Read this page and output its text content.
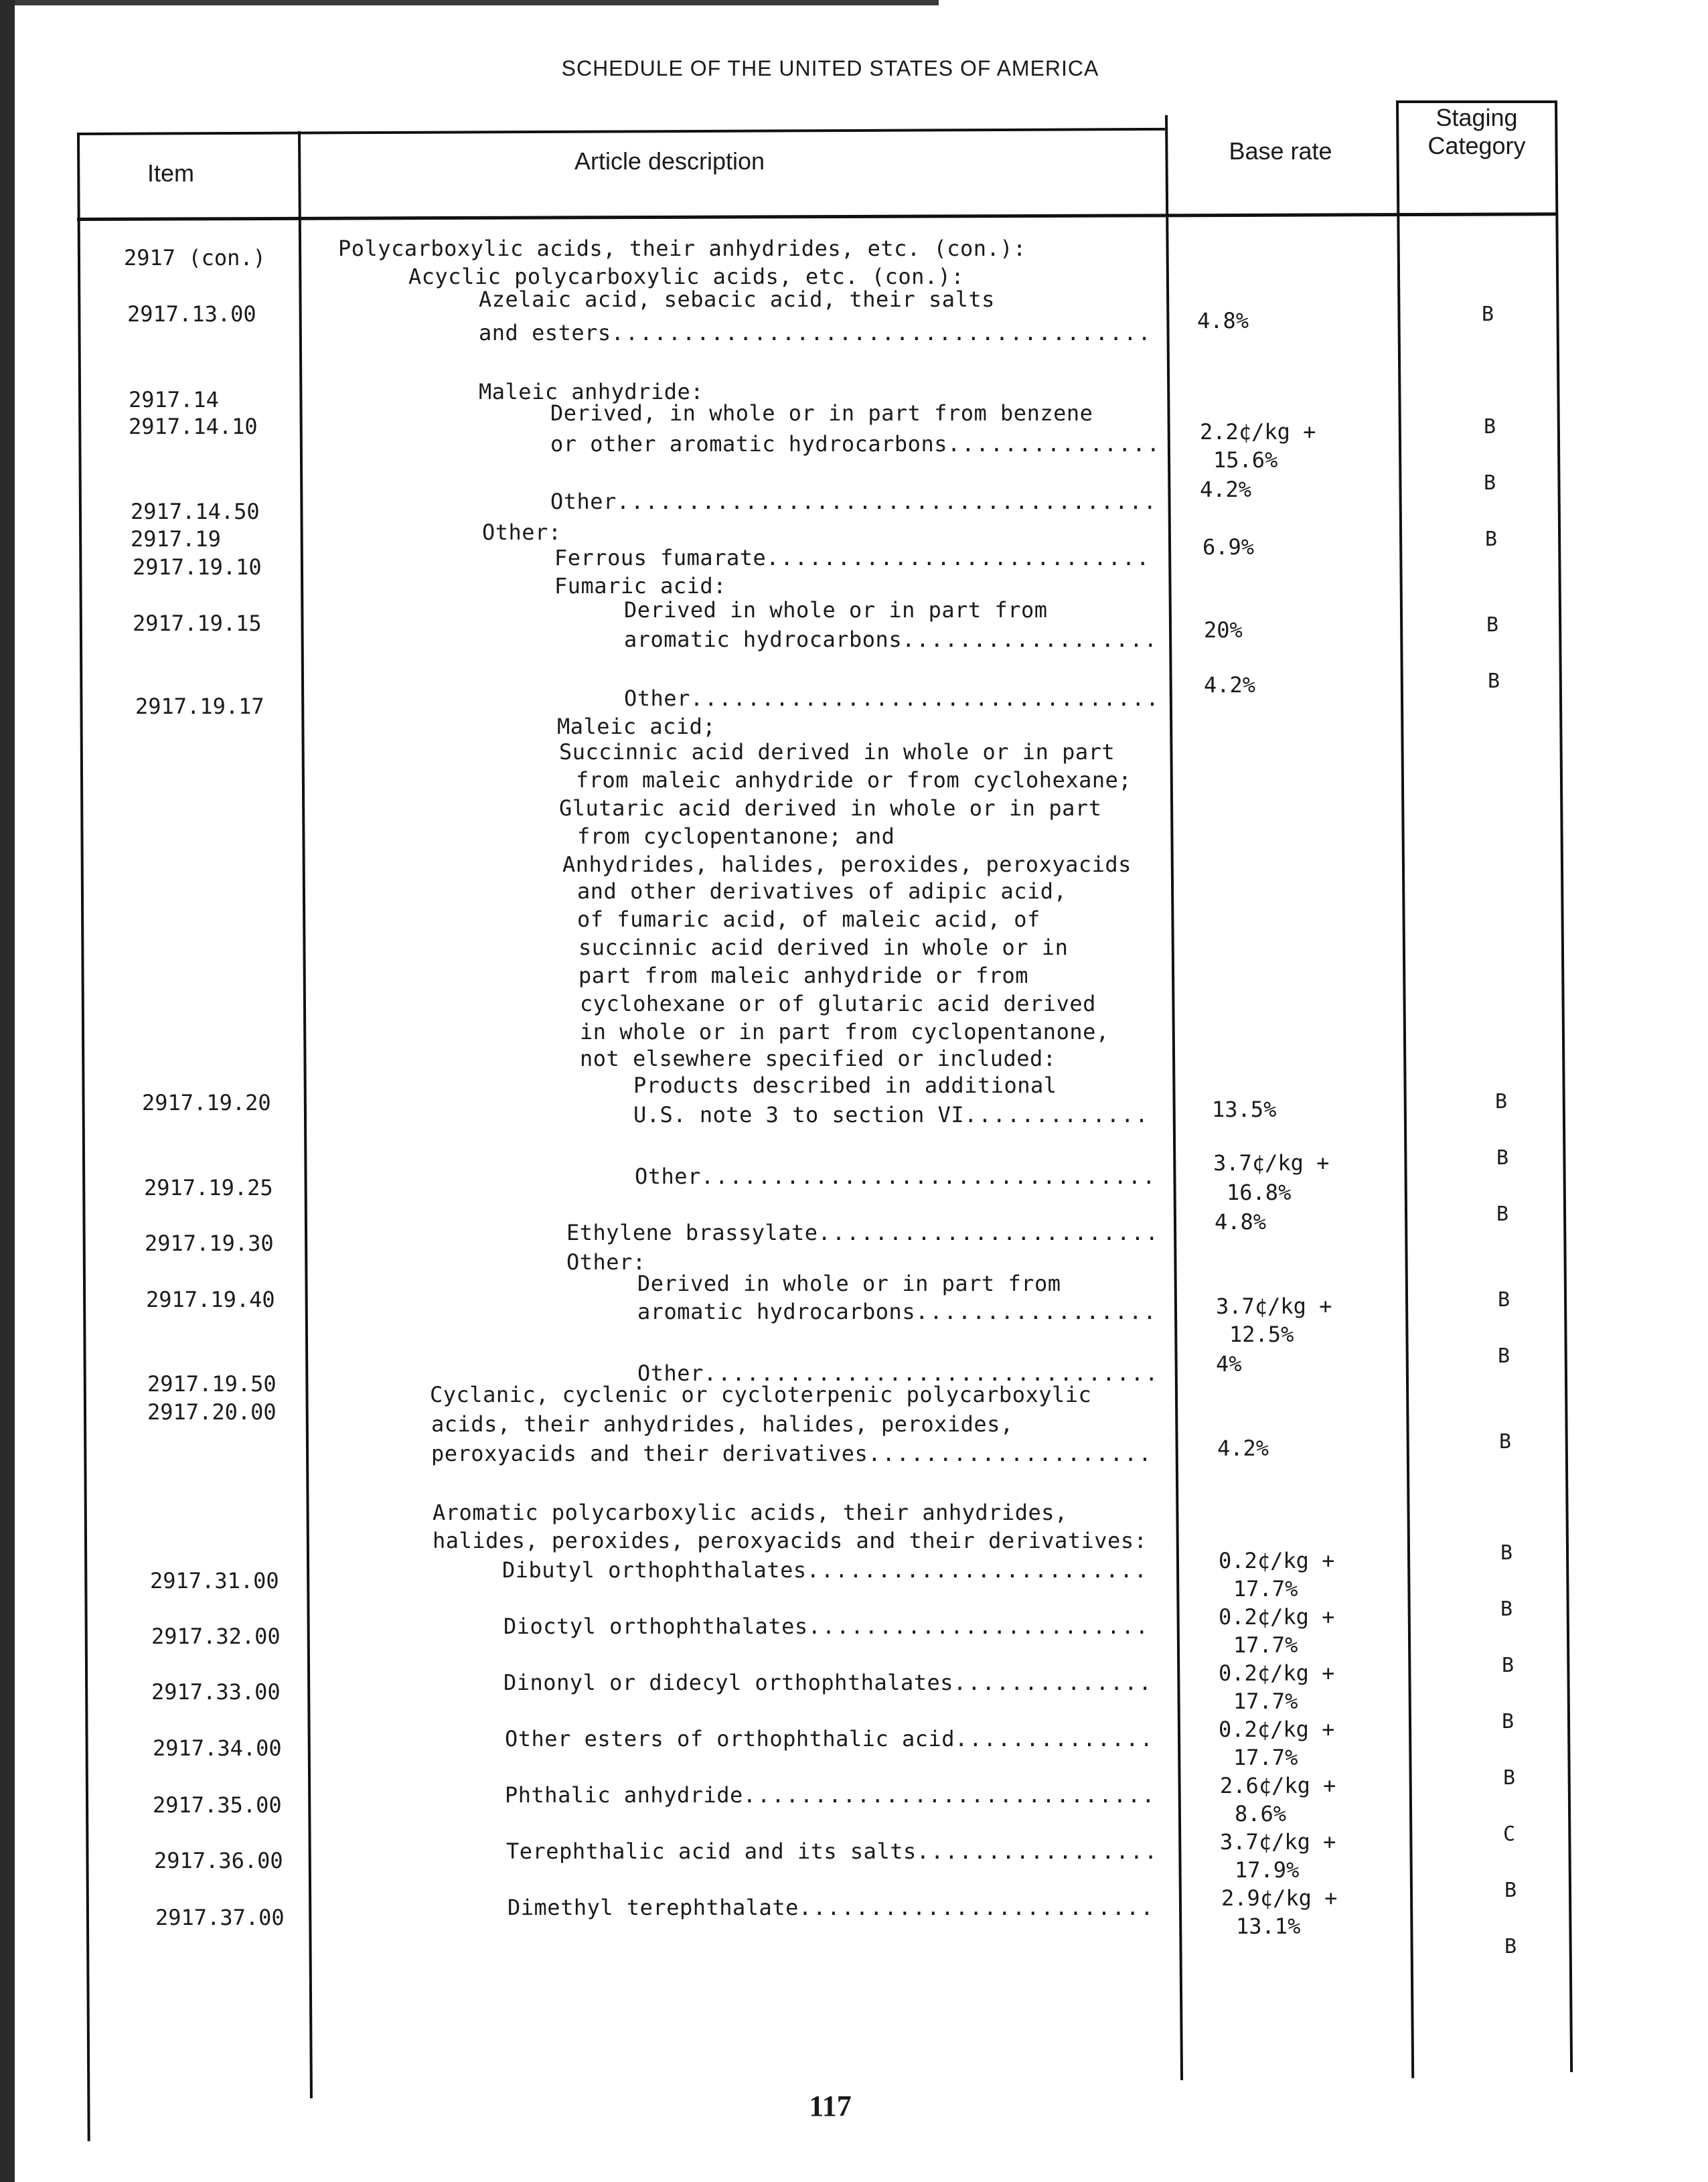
SCHEDULE OF THE UNITED STATES OF AMERICA
Item	Article description	Base rate
Staging
Category
2917 (con.)
2917.13.00
2917.14
2917.14.10
2917.14.50
2917.19
2917.19.10
2917.19.15
2917.19.17
2917.19.20
2917.19.25
2917.19.30
2917.19.40
2917.19.50
2917.20.00
2917.31.00
2917.32.00
2917.33.00
2917.34.00
2917.35.00
2917.36.00
2917.37.00
Polycarboxylic acids, their anhydrides, etc. (con.):
Acyclic polycarboxylic acids, etc. (con.):
Azelaic acid, sebacic acid, their salts
and esters......................................
Maleic anhydride:
Derived, in whole or in part from benzene
or other aromatic hydrocarbons...............
Other......................................
Other:
Ferrous fumarate...........................
Fumaric acid:
Derived in whole or in part from
aromatic hydrocarbons..................
Other.................................
Maleic acid;
Succinnic acid derived in whole or in part
from maleic anhydride or from cyclohexane;
Glutaric acid derived in whole or in part
from cyclopentanone; and
Anhydrides, halides, peroxides, peroxyacids
and other derivatives of adipic acid,
of fumaric acid, of maleic acid, of
succinnic acid derived in whole or in
part from maleic anhydride or from
cyclohexane or of glutaric acid derived
in whole or in part from cyclopentanone,
not elsewhere specified or included:
Products described in additional
U.S. note 3 to section VI.............
Other................................
Ethylene brassylate........................
Other:
Derived in whole or in part from
aromatic hydrocarbons.................
Other................................
Cyclanic, cyclenic or cycloterpenic polycarboxylic
acids, their anhydrides, halides, peroxides,
peroxyacids and their derivatives....................
Aromatic polycarboxylic acids, their anhydrides,
halides, peroxides, peroxyacids and their derivatives:
Dibutyl orthophthalates........................
Dioctyl orthophthalates........................
Dinonyl or didecyl orthophthalates..............
Other esters of orthophthalic acid..............
Phthalic anhydride.............................
Terephthalic acid and its salts.................
Dimethyl terephthalate.........................
4.8%
2.2¢/kg +
15.6%
4.2%
6.9%
20%
4.2%
13.5%
3.7¢/kg +
16.8%
4.8%
3.7¢/kg +
12.5%
4%
4.2%
0.2¢/kg +
17.7%
0.2¢/kg +
17.7%
0.2¢/kg +
17.7%
0.2¢/kg +
17.7%
2.6¢/kg +
8.6%
3.7¢/kg +
17.9%
2.9¢/kg +
13.1%
B
B
B
B
B
B
B
B
B
B
B
B
B
B
B
B
B
C
B
B
117
